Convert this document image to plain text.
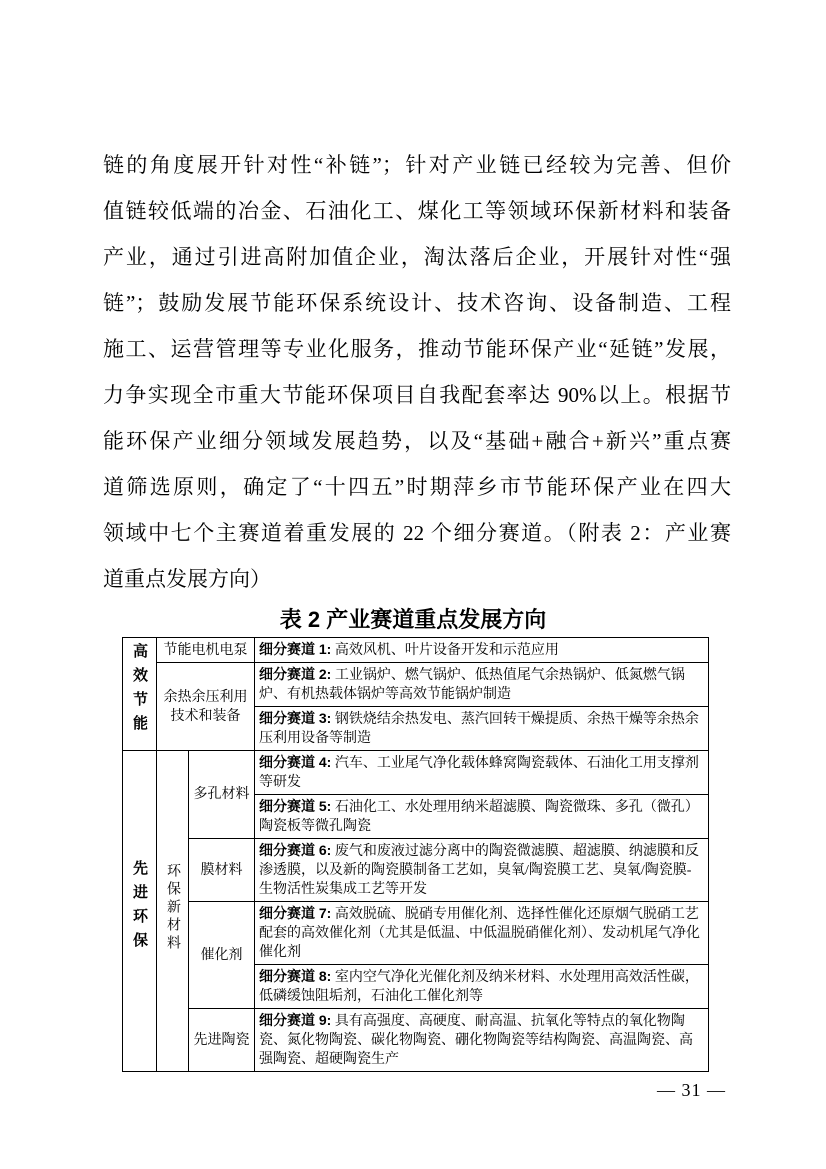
链的角度展开针对性“补链”；针对产业链已经较为完善、但价
值链较低端的冶金、石油化工、煤化工等领域环保新材料和装备
产业，通过引进高附加值企业，淘汰落后企业，开展针对性“强
链”；鼓励发展节能环保系统设计、技术咨询、设备制造、工程
施工、运营管理等专业化服务，推动节能环保产业“延链”发展，
力争实现全市重大节能环保项目自我配套率达 90%以上。根据节
能环保产业细分领域发展趋势，以及“基础+融合+新兴”重点赛
道筛选原则，确定了“十四五”时期萍乡市节能环保产业在四大
领域中七个主赛道着重发展的 22 个细分赛道。（附表 2：产业赛
道重点发展方向）
表 2 产业赛道重点发展方向
高效节能	节能电机电泵		细分赛道 1: 高效风机、叶片设备开发和示范应用
	余热余压利用技术和装备		细分赛道 2: 工业锅炉、燃气锅炉、低热值尾气余热锅炉、低氮燃气锅炉、有机热载体锅炉等高效节能锅炉制造
			细分赛道 3: 钢铁烧结余热发电、蒸汽回转干燥提质、余热干燥等余热余压利用设备等制造
先进环保	环保新材料	多孔材料	细分赛道 4: 汽车、工业尾气净化载体蜂窝陶瓷载体、石油化工用支撑剂等研发
			细分赛道 5: 石油化工、水处理用纳米超滤膜、陶瓷微珠、多孔（微孔）陶瓷板等微孔陶瓷
		膜材料	细分赛道 6: 废气和废液过滤分离中的陶瓷微滤膜、超滤膜、纳滤膜和反渗透膜，以及新的陶瓷膜制备工艺如，臭氧/陶瓷膜工艺、臭氧/陶瓷膜-生物活性炭集成工艺等开发
		催化剂	细分赛道 7: 高效脱硫、脱硝专用催化剂、选择性催化还原烟气脱硝工艺配套的高效催化剂（尤其是低温、中低温脱硝催化剂）、发动机尾气净化催化剂
			细分赛道 8: 室内空气净化光催化剂及纳米材料、水处理用高效活性碳，低磷缓蚀阻垢剂，石油化工催化剂等
		先进陶瓷	细分赛道 9: 具有高强度、高硬度、耐高温、抗氧化等特点的氧化物陶瓷、氮化物陶瓷、碳化物陶瓷、硼化物陶瓷等结构陶瓷、高温陶瓷、高强陶瓷、超硬陶瓷生产
— 31 —
